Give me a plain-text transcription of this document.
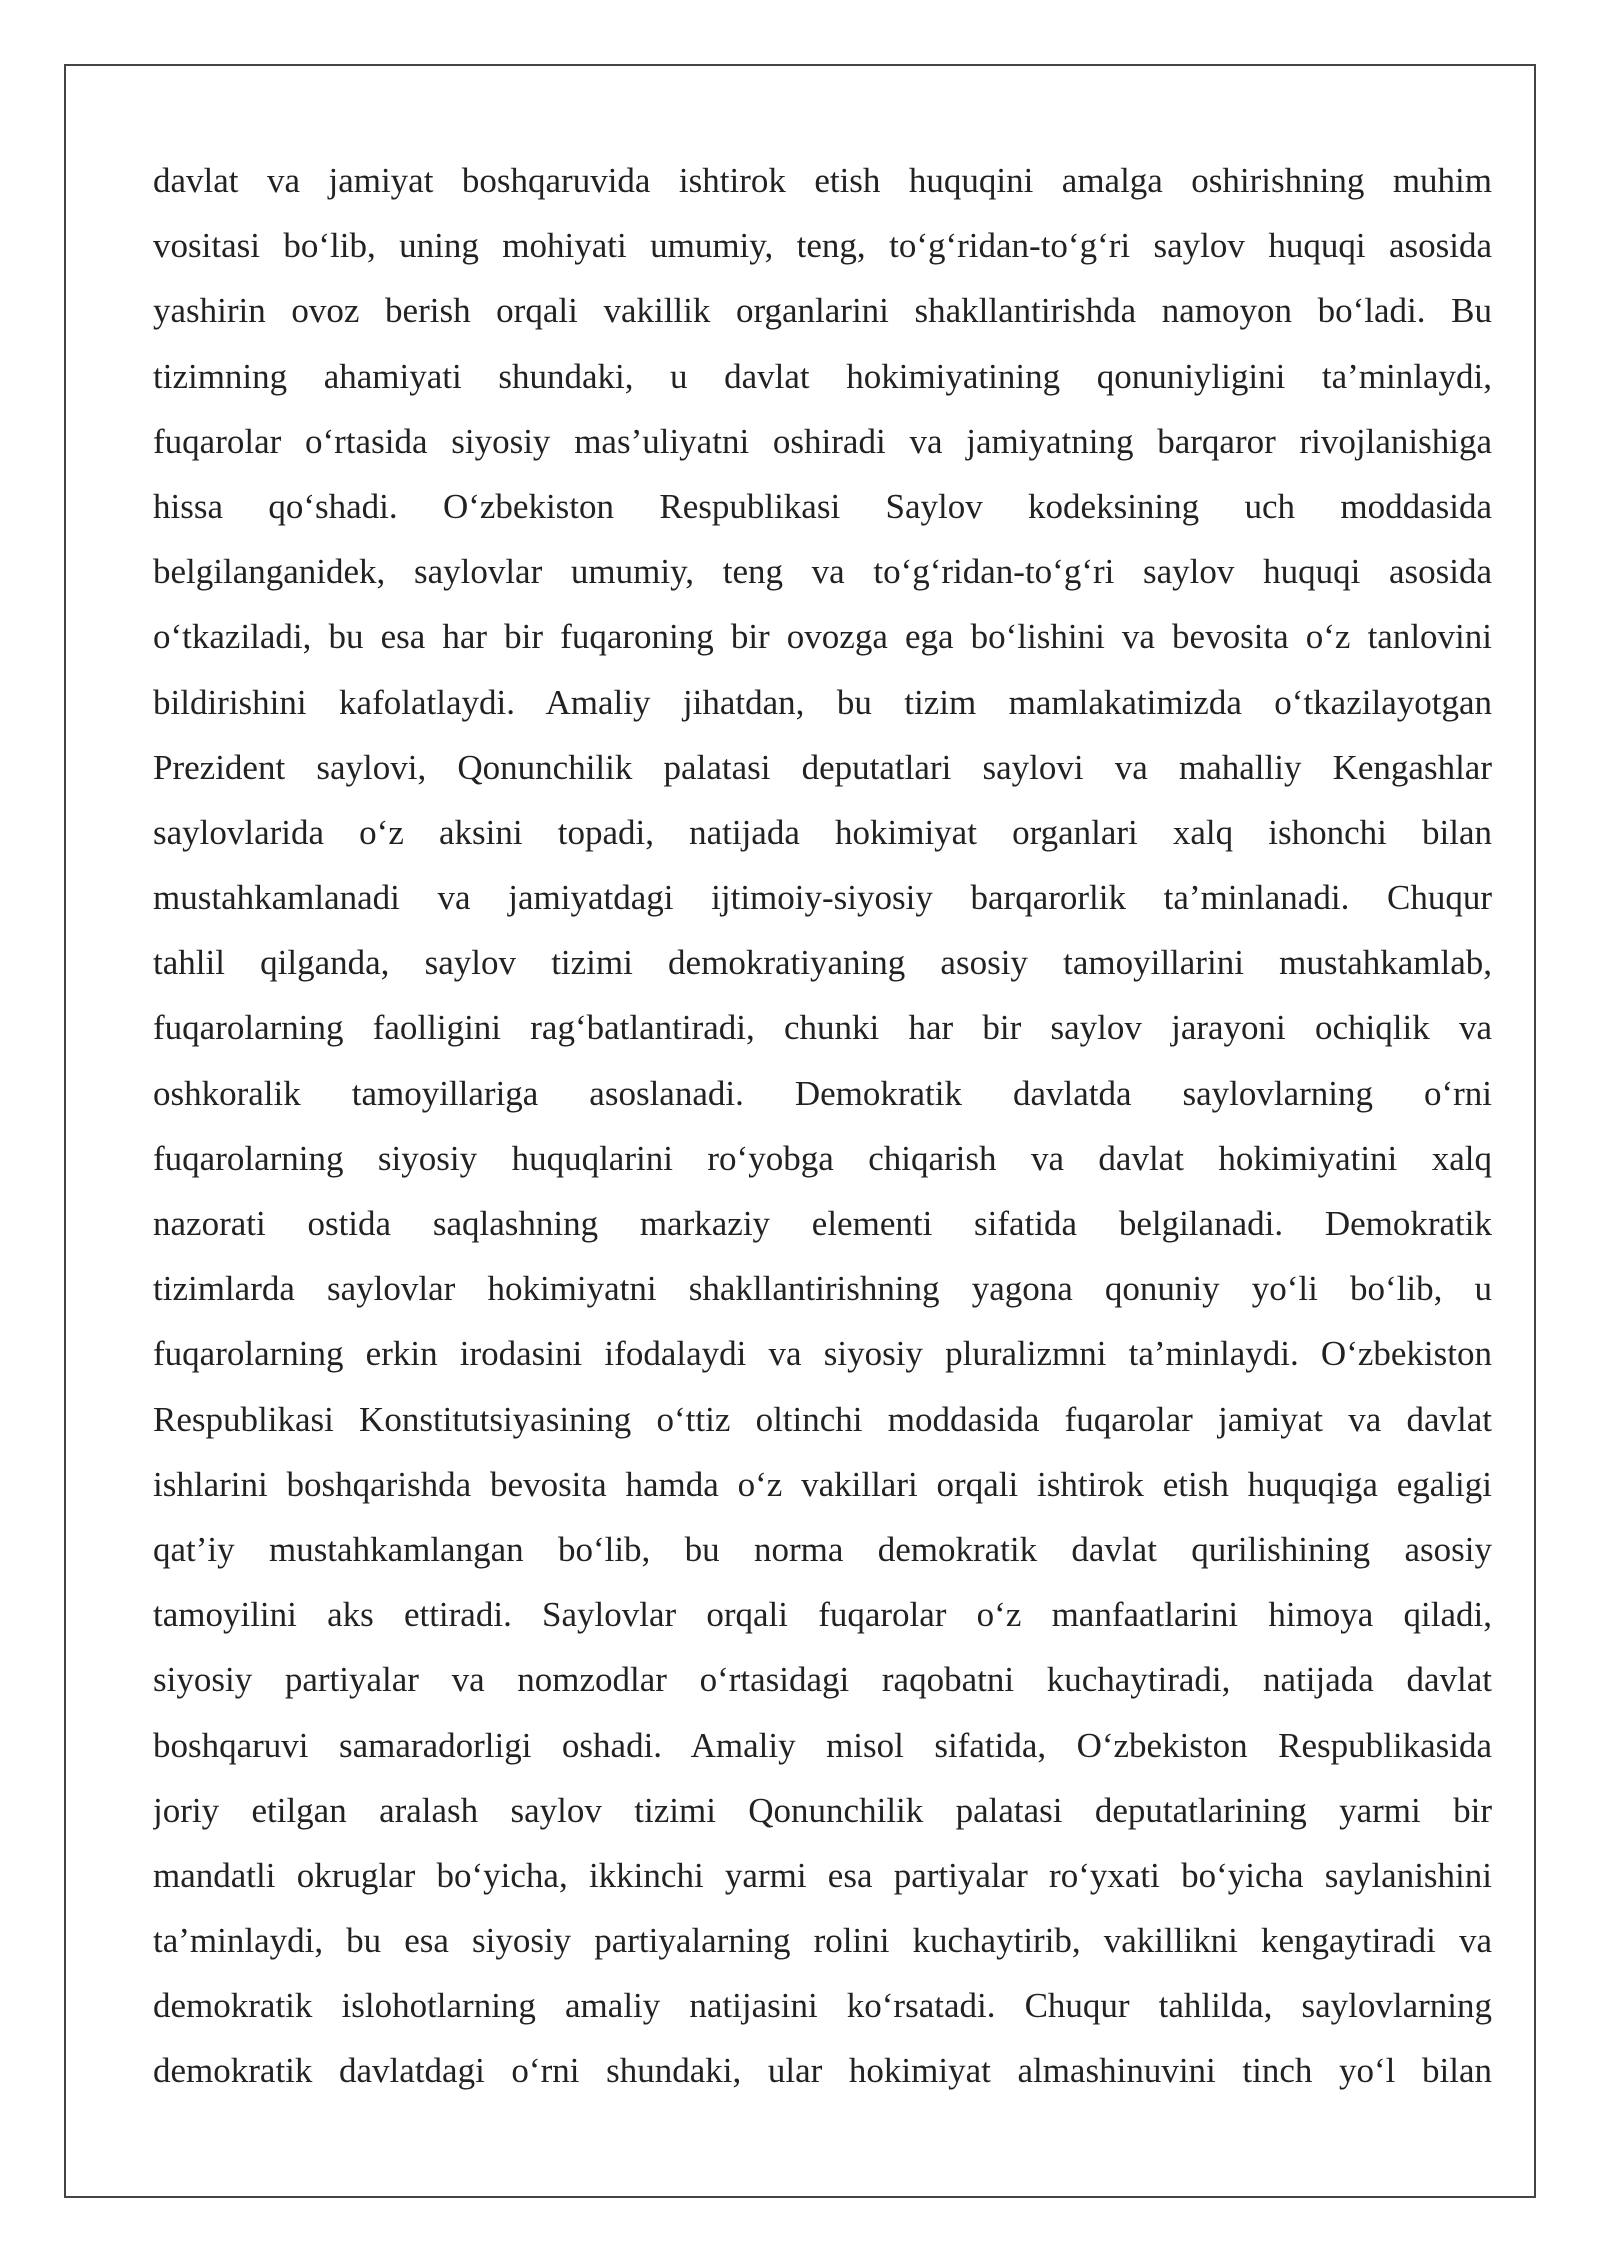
davlat va jamiyat boshqaruvida ishtirok etish huquqini amalga oshirishning muhim
vositasi bo‘lib, uning mohiyati umumiy, teng, to‘g‘ridan-to‘g‘ri saylov huquqi asosida
yashirin ovoz berish orqali vakillik organlarini shakllantirishda namoyon bo‘ladi. Bu
tizimning ahamiyati shundaki, u davlat hokimiyatining qonuniyligini ta’minlaydi,
fuqarolar o‘rtasida siyosiy mas’uliyatni oshiradi va jamiyatning barqaror rivojlanishiga
hissa qo‘shadi. O‘zbekiston Respublikasi Saylov kodeksining uch moddasida
belgilanganidek, saylovlar umumiy, teng va to‘g‘ridan-to‘g‘ri saylov huquqi asosida
o‘tkaziladi, bu esa har bir fuqaroning bir ovozga ega bo‘lishini va bevosita o‘z tanlovini
bildirishini kafolatlaydi. Amaliy jihatdan, bu tizim mamlakatimizda o‘tkazilayotgan
Prezident saylovi, Qonunchilik palatasi deputatlari saylovi va mahalliy Kengashlar
saylovlarida o‘z aksini topadi, natijada hokimiyat organlari xalq ishonchi bilan
mustahkamlanadi va jamiyatdagi ijtimoiy-siyosiy barqarorlik ta’minlanadi. Chuqur
tahlil qilganda, saylov tizimi demokratiyaning asosiy tamoyillarini mustahkamlab,
fuqarolarning faolligini rag‘batlantiradi, chunki har bir saylov jarayoni ochiqlik va
oshkoralik tamoyillariga asoslanadi. Demokratik davlatda saylovlarning o‘rni
fuqarolarning siyosiy huquqlarini ro‘yobga chiqarish va davlat hokimiyatini xalq
nazorati ostida saqlashning markaziy elementi sifatida belgilanadi. Demokratik
tizimlarda saylovlar hokimiyatni shakllantirishning yagona qonuniy yo‘li bo‘lib, u
fuqarolarning erkin irodasini ifodalaydi va siyosiy pluralizmni ta’minlaydi. O‘zbekiston
Respublikasi Konstitutsiyasining o‘ttiz oltinchi moddasida fuqarolar jamiyat va davlat
ishlarini boshqarishda bevosita hamda o‘z vakillari orqali ishtirok etish huquqiga egaligi
qat’iy mustahkamlangan bo‘lib, bu norma demokratik davlat qurilishining asosiy
tamoyilini aks ettiradi. Saylovlar orqali fuqarolar o‘z manfaatlarini himoya qiladi,
siyosiy partiyalar va nomzodlar o‘rtasidagi raqobatni kuchaytiradi, natijada davlat
boshqaruvi samaradorligi oshadi. Amaliy misol sifatida, O‘zbekiston Respublikasida
joriy etilgan aralash saylov tizimi Qonunchilik palatasi deputatlarining yarmi bir
mandatli okruglar bo‘yicha, ikkinchi yarmi esa partiyalar ro‘yxati bo‘yicha saylanishini
ta’minlaydi, bu esa siyosiy partiyalarning rolini kuchaytirib, vakillikni kengaytiradi va
demokratik islohotlarning amaliy natijasini ko‘rsatadi. Chuqur tahlilda, saylovlarning
demokratik davlatdagi o‘rni shundaki, ular hokimiyat almashinuvini tinch yo‘l bilan
